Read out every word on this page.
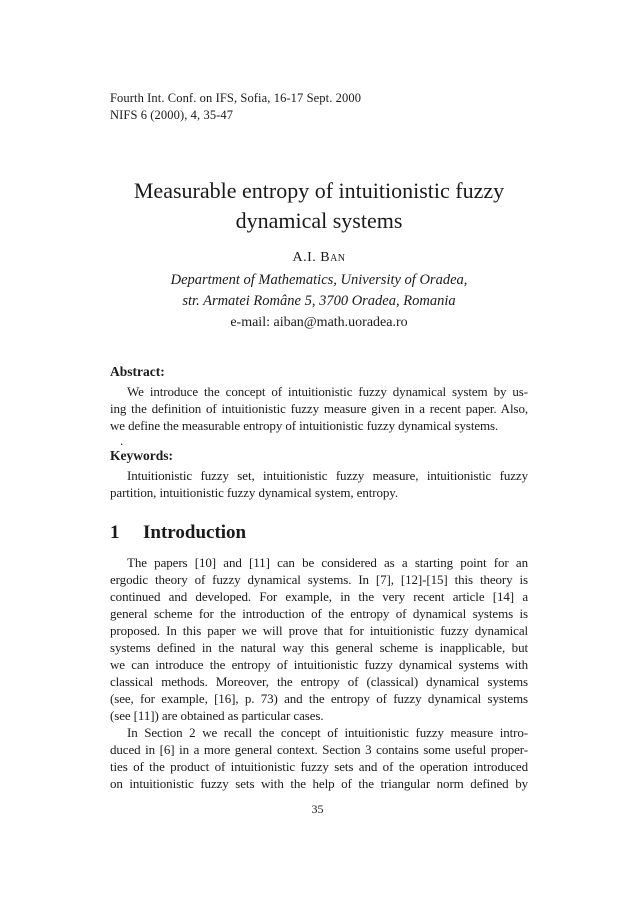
Fourth Int. Conf. on IFS, Sofia, 16-17 Sept. 2000
NIFS 6 (2000), 4, 35-47
Measurable entropy of intuitionistic fuzzy
dynamical systems
A.I. Ban
Department of Mathematics, University of Oradea,
str. Armatei Române 5, 3700 Oradea, Romania
e-mail: aiban@math.uoradea.ro
Abstract:
We introduce the concept of intuitionistic fuzzy dynamical system by us-
ing the definition of intuitionistic fuzzy measure given in a recent paper. Also,
we define the measurable entropy of intuitionistic fuzzy dynamical systems.
.
Keywords:
Intuitionistic fuzzy set, intuitionistic fuzzy measure, intuitionistic fuzzy
partition, intuitionistic fuzzy dynamical system, entropy.
1 Introduction
The papers [10] and [11] can be considered as a starting point for an
ergodic theory of fuzzy dynamical systems. In [7], [12]-[15] this theory is
continued and developed. For example, in the very recent article [14] a
general scheme for the introduction of the entropy of dynamical systems is
proposed. In this paper we will prove that for intuitionistic fuzzy dynamical
systems defined in the natural way this general scheme is inapplicable, but
we can introduce the entropy of intuitionistic fuzzy dynamical systems with
classical methods. Moreover, the entropy of (classical) dynamical systems
(see, for example, [16], p. 73) and the entropy of fuzzy dynamical systems
(see [11]) are obtained as particular cases.
In Section 2 we recall the concept of intuitionistic fuzzy measure intro-
duced in [6] in a more general context. Section 3 contains some useful proper-
ties of the product of intuitionistic fuzzy sets and of the operation introduced
on intuitionistic fuzzy sets with the help of the triangular norm defined by
35
